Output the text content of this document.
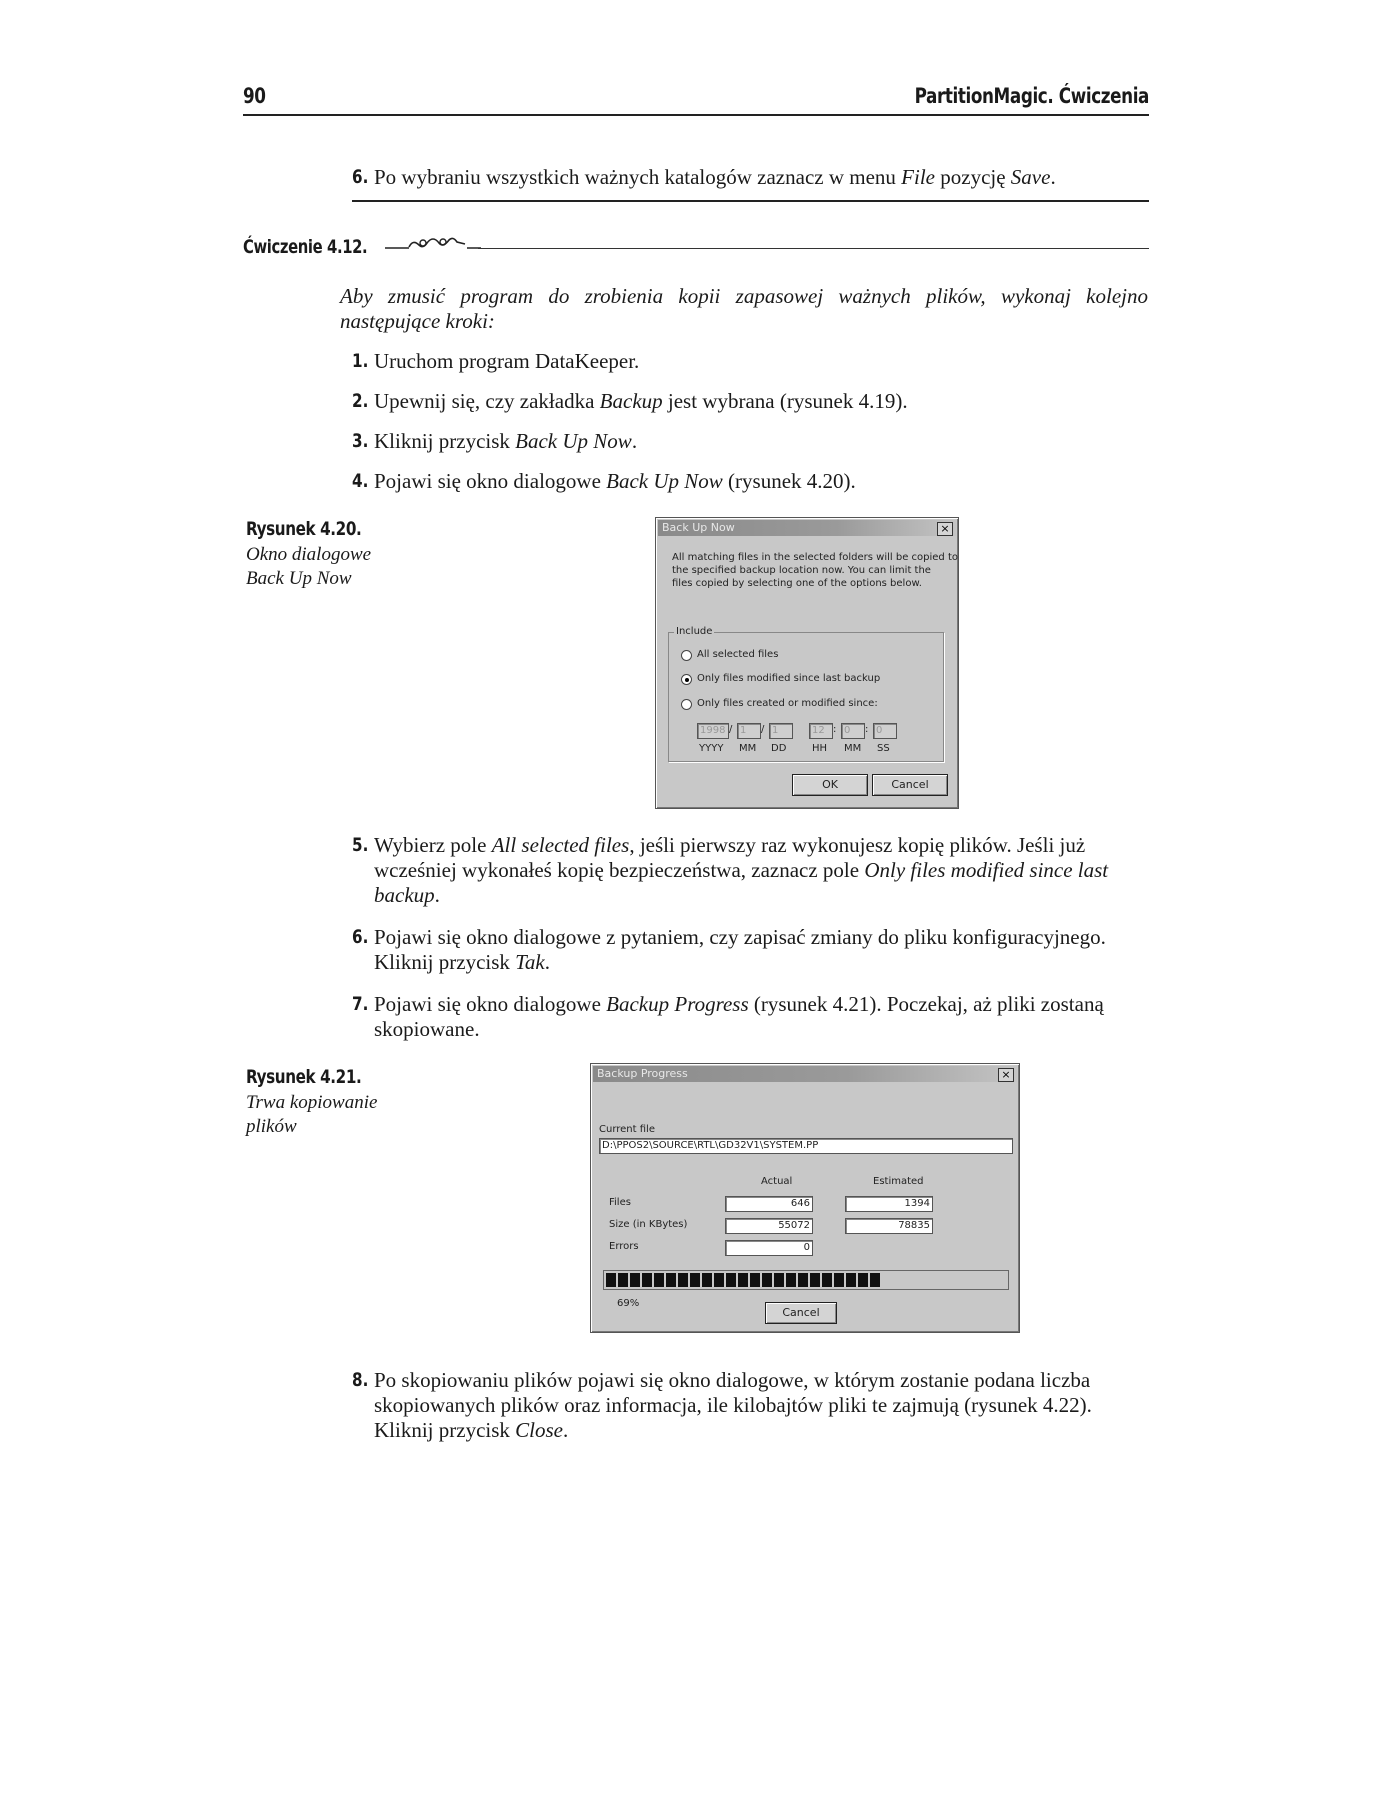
90	PartitionMagic. Ćwiczenia
6. Po wybraniu wszystkich ważnych katalogów zaznacz w menu File pozycję Save.
Ćwiczenie 4.12.
Aby zmusić program do zrobienia kopii zapasowej ważnych plików, wykonaj kolejno następujące kroki:
1. Uruchom program DataKeeper.
2. Upewnij się, czy zakładka Backup jest wybrana (rysunek 4.19).
3. Kliknij przycisk Back Up Now.
4. Pojawi się okno dialogowe Back Up Now (rysunek 4.20).
Rysunek 4.20.
Okno dialogowe
Back Up Now
Back Up Now	×
All matching files in the selected folders will be copied to
the specified backup location now. You can limit the
files copied by selecting one of the options below.
Include
All selected files
Only files modified since last backup
Only files created or modified since:
1998 / 1	/ 1	12 : 0	: 0
YYYY MM DD	HH MM SS
OK	Cancel
5. Wybierz pole All selected files, jeśli pierwszy raz wykonujesz kopię plików. Jeśli już wcześniej wykonałeś kopię bezpieczeństwa, zaznacz pole Only files modified since last backup.
6. Pojawi się okno dialogowe z pytaniem, czy zapisać zmiany do pliku konfiguracyjnego. Kliknij przycisk Tak.
7. Pojawi się okno dialogowe Backup Progress (rysunek 4.21). Poczekaj, aż pliki zostaną skopiowane.
Rysunek 4.21.
Trwa kopiowanie
plików
Backup Progress	×
Current file
D:\PPOS2\SOURCE\RTL\GD32V1\SYSTEM.PP
Actual	Estimated
Files	646	1394
Size (in KBytes)	55072	78835
Errors	0
69%
Cancel
8. Po skopiowaniu plików pojawi się okno dialogowe, w którym zostanie podana liczba skopiowanych plików oraz informacja, ile kilobajtów pliki te zajmują (rysunek 4.22). Kliknij przycisk Close.
